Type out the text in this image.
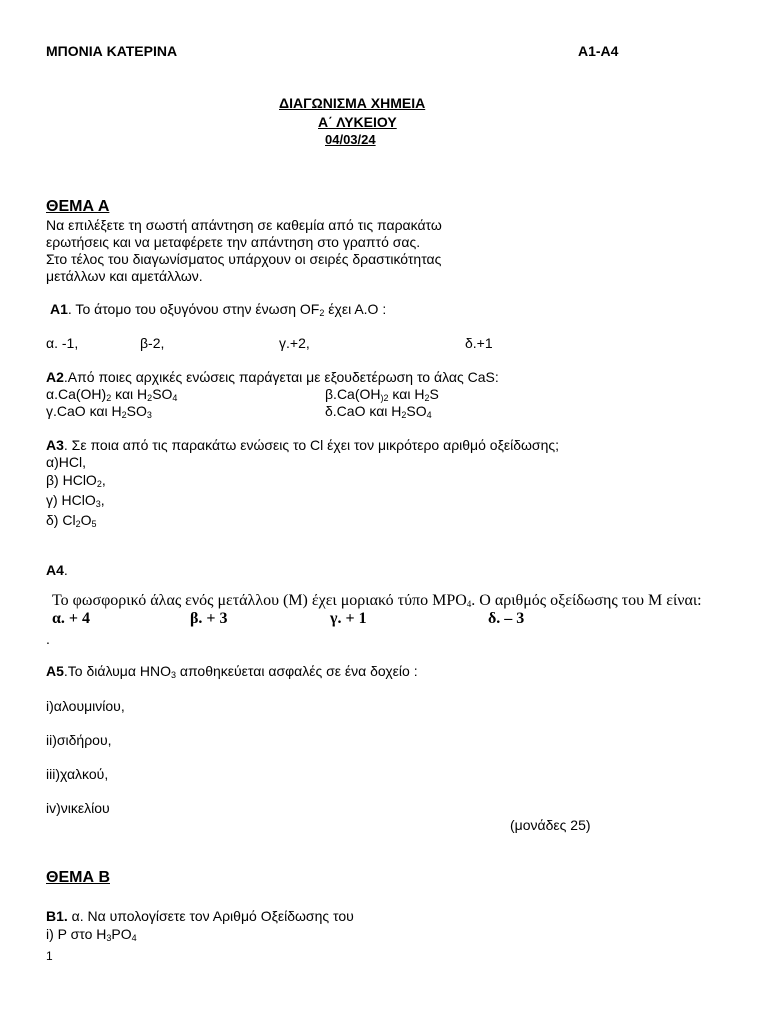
ΜΠΟΝΙΑ ΚΑΤΕΡΙΝΑ	Α1-Α4
ΔΙΑΓΩΝΙΣΜΑ ΧΗΜΕΙΑ
Α΄ ΛΥΚΕΙΟΥ
04/03/24
ΘΕΜΑ Α
Να επιλέξετε τη σωστή απάντηση σε καθεμία από τις παρακάτω
ερωτήσεις και να μεταφέρετε την απάντηση στο γραπτό σας.
Στο τέλος του διαγωνίσματος υπάρχουν οι σειρές δραστικότητας
μετάλλων και αμετάλλων.
Α1. Το άτομο του οξυγόνου στην ένωση $OF_2$ έχει Α.Ο :
α. -1,	β-2,	γ.+2,	δ.+1
Α2.Από ποιες αρχικές ενώσεις παράγεται με εξουδετέρωση το άλας CaS:
$\alpha.Ca(OH)_2$ και $H_2SO_4$	$\beta.Ca(OH_{)2}$ και $H_2S$
γ.CaO και $H_2SO_3$	δ.CaO και $H_2SO_4$
Α3. Σε ποια από τις παρακάτω ενώσεις το Cl έχει τον μικρότερο αριθμό οξείδωσης;
α)HCl,
β) HClO$_2$,
γ) HClO$_3$,
δ) $Cl_2O_5$
Α4.
Το φωσφορικό άλας ενός μετάλλου (Μ) έχει μοριακό τύπο $MPO_4$. Ο αριθμός οξείδωσης του Μ είναι:
α. + 4	β. + 3	γ. + 1	δ. – 3
.
Α5.Το διάλυμα $HNO_3$ αποθηκεύεται ασφαλές σε ένα δοχείο :
i)αλουμινίου,
ii)σιδήρου,
iii)χαλκού,
iv)νικελίου
(μονάδες 25)
ΘΕΜΑ Β
Β1. α. Να υπολογίσετε τον Αριθμό Οξείδωσης του
i) P στο $H_3PO_4$
1
